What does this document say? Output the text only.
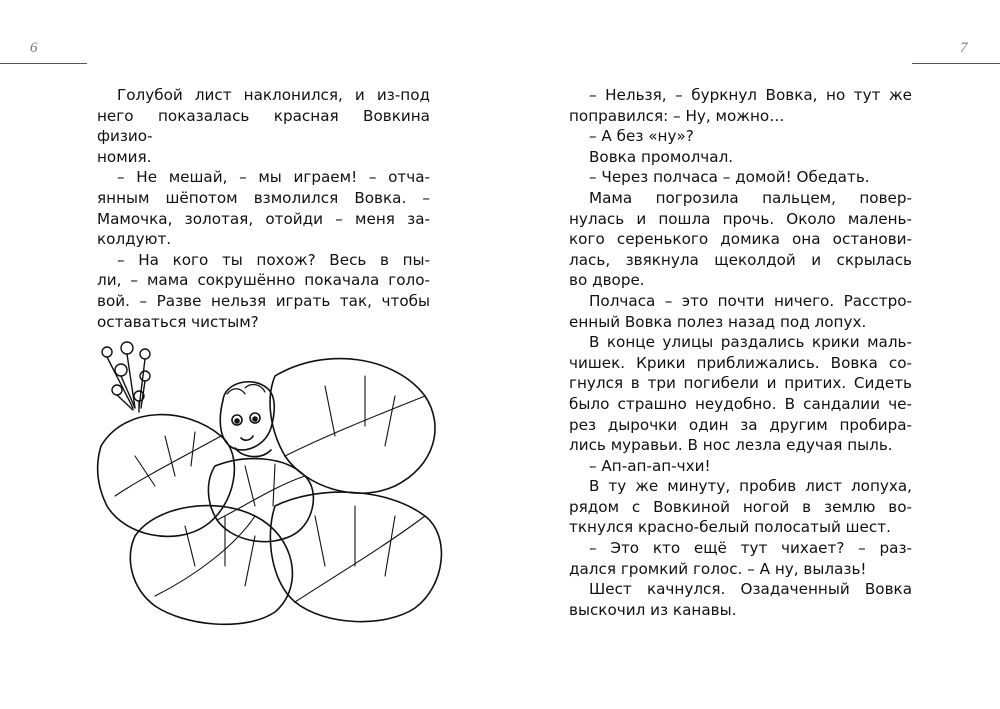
6	7
Голубой лист наклонился, и из-под
него показалась красная Вовкина физио-
номия.
– Не мешай, – мы играем! – отча-
янным шёпотом взмолился Вовка. –
Мамочка, золотая, отойди – меня за-
колдуют.
– На кого ты похож? Весь в пы-
ли, – мама сокрушённо покачала голо-
вой. – Разве нельзя играть так, чтобы
оставаться чистым?
– Нельзя, – буркнул Вовка, но тут же
поправился: – Ну, можно…
– А без «ну»?
Вовка промолчал.
– Через полчаса – домой! Обедать.
Мама погрозила пальцем, повер-
нулась и пошла прочь. Около малень-
кого серенького домика она останови-
лась, звякнула щеколдой и скрылась
во дворе.
Полчаса – это почти ничего. Расстро-
енный Вовка полез назад под лопух.
В конце улицы раздались крики маль-
чишек. Крики приближались. Вовка со-
гнулся в три погибели и притих. Сидеть
было страшно неудобно. В сандалии че-
рез дырочки один за другим пробира-
лись муравьи. В нос лезла едучая пыль.
– Ап-ап-ап-чхи!
В ту же минуту, пробив лист лопуха,
рядом с Вовкиной ногой в землю во-
ткнулся красно-белый полосатый шест.
– Это кто ещё тут чихает? – раз-
дался громкий голос. – А ну, вылазь!
Шест качнулся. Озадаченный Вовка
выскочил из канавы.
